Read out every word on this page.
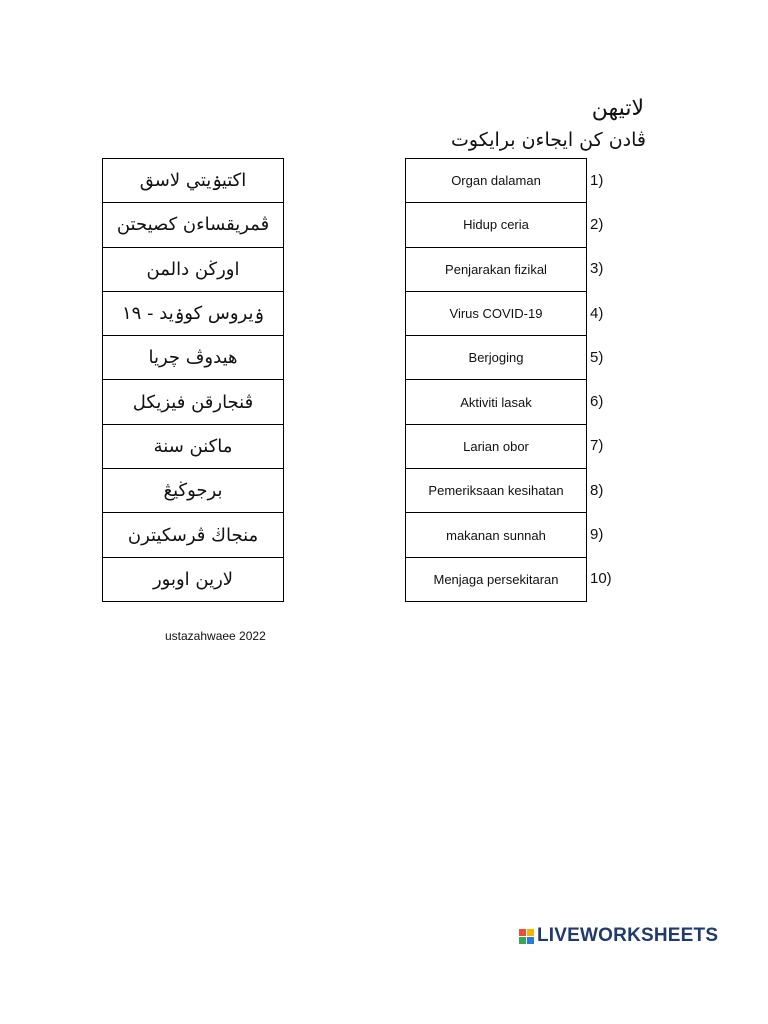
لاتيهن
ڤادن كن ايجاءن برايكوت
اكتيۏيتي لاسق
ڤمريقساءن كصيحتن
اورڬن دالمن
ۏيروس کوۏيد - ١٩
هيدوڤ چريا
ڤنجارقن فيزيكل
ماكنن سنة
برجوڬيڠ
منجاڬ ڤرسكيترن
لارين اوبور
Organ dalaman
Hidup ceria
Penjarakan fizikal
Virus COVID-19
Berjoging
Aktiviti lasak
Larian obor
Pemeriksaan kesihatan
makanan sunnah
Menjaga persekitaran
1)
2)
3)
4)
5)
6)
7)
8)
9)
10)
ustazahwaee 2022
LIVEWORKSHEETS
